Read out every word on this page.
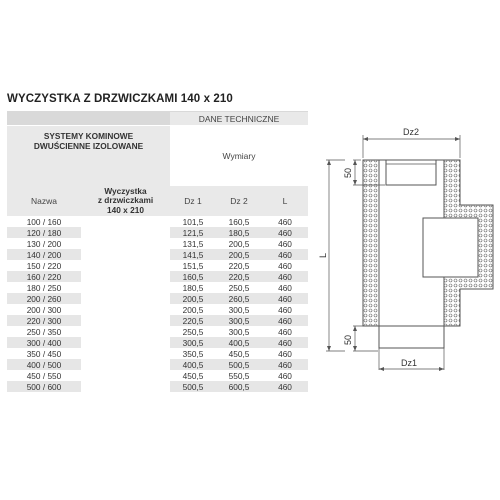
WYCZYSTKA Z DRZWICZKAMI 140 x 210
DANE TECHNICZNE
SYSTEMY KOMINOWE
DWUŚCIENNE IZOLOWANE
Wymiary
Nazwa
Wyczystka
z drzwiczkami
140 x 210
Dz 1	Dz 2	L
100 / 160	101,5	160,5	460
120 / 180	121,5	180,5	460
130 / 200	131,5	200,5	460
140 / 200	141,5	200,5	460
150 / 220	151,5	220,5	460
160 / 220	160,5	220,5	460
180 / 250	180,5	250,5	460
200 / 260	200,5	260,5	460
200 / 300	200,5	300,5	460
220 / 300	220,5	300,5	460
250 / 350	250,5	300,5	460
300 / 400	300,5	400,5	460
350 / 450	350,5	450,5	460
400 / 500	400,5	500,5	460
450 / 550	450,5	550,5	460
500 / 600	500,5	600,5	460
Dz2
Dz1
50
50
L
